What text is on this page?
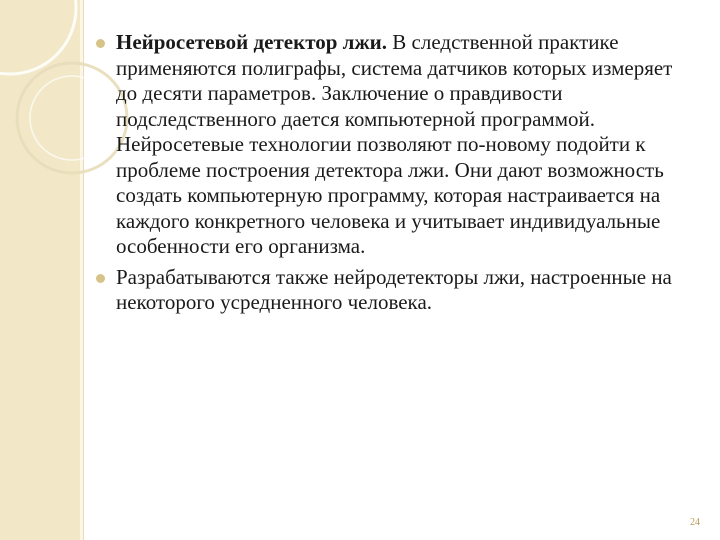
Нейросетевой детектор лжи. В следственной практике применяются полиграфы, система датчиков которых измеряет до десяти параметров. Заключение о правдивости подследственного дается компьютерной программой. Нейросетевые технологии позволяют по-новому подойти к проблеме построения детектора лжи. Они дают возможность создать компьютерную программу, которая настраивается на каждого конкретного человека и учитывает индивидуальные особенности его организма.
Разрабатываются также нейродетекторы лжи, настроенные на некоторого усредненного человека.
24
